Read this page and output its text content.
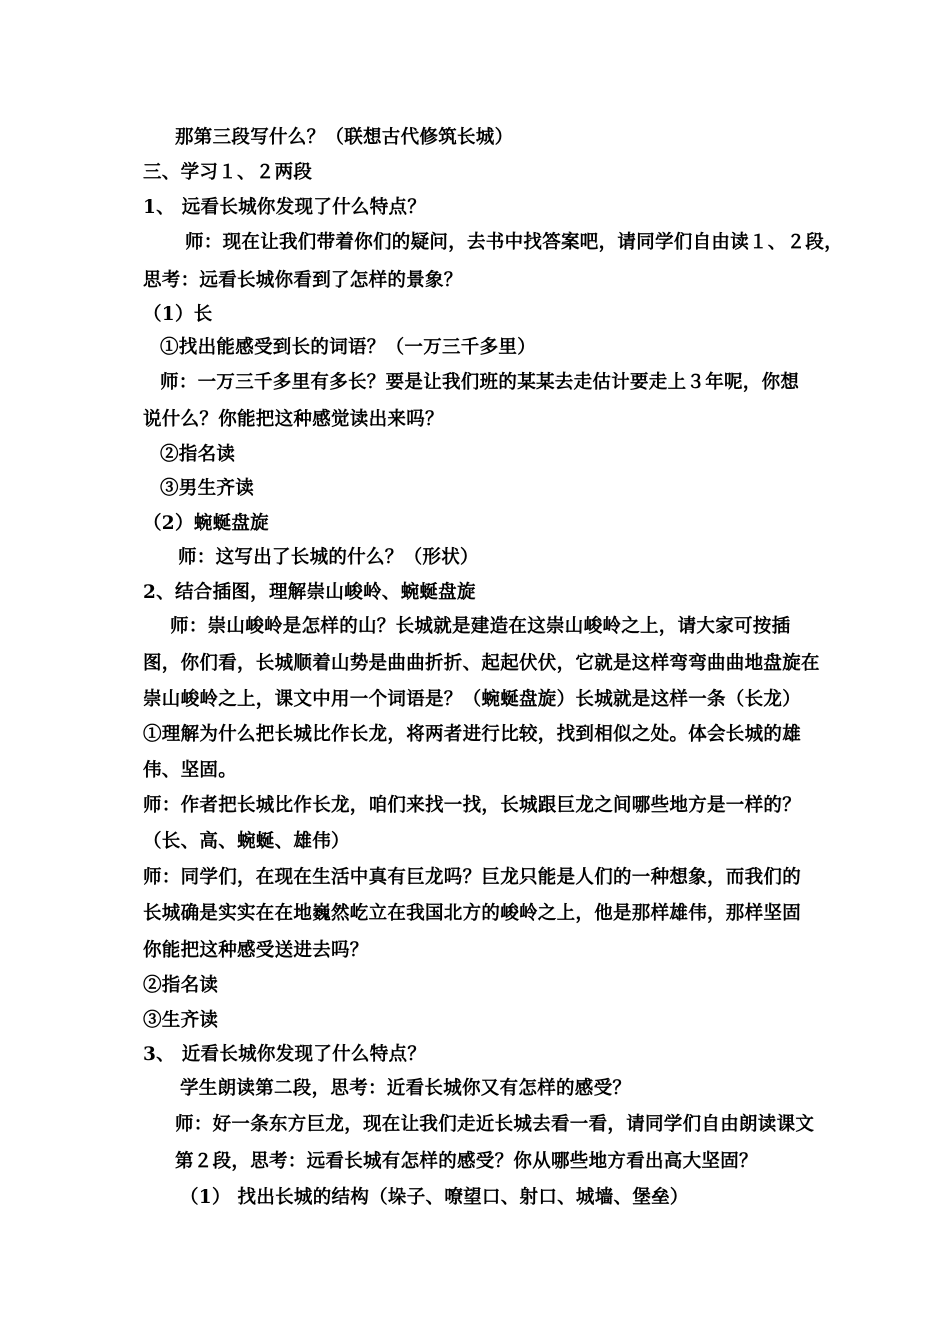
那第三段写什么？（联想古代修筑长城）
三、学习１、２两段
1、 远看长城你发现了什么特点？
师：现在让我们带着你们的疑问，去书中找答案吧，请同学们自由读１、２段，
思考：远看长城你看到了怎样的景象？
（1）长
①找出能感受到长的词语？（一万三千多里）
师：一万三千多里有多长？要是让我们班的某某去走估计要走上３年呢，你想
说什么？你能把这种感觉读出来吗？
②指名读
③男生齐读
（2）蜿蜒盘旋
师：这写出了长城的什么？（形状）
2、结合插图，理解崇山峻岭、蜿蜒盘旋
师：崇山峻岭是怎样的山？长城就是建造在这崇山峻岭之上，请大家可按插
图，你们看，长城顺着山势是曲曲折折、起起伏伏，它就是这样弯弯曲曲地盘旋在
崇山峻岭之上，课文中用一个词语是？（蜿蜒盘旋）长城就是这样一条（长龙）
①理解为什么把长城比作长龙，将两者进行比较，找到相似之处。体会长城的雄
伟、坚固。
师：作者把长城比作长龙，咱们来找一找，长城跟巨龙之间哪些地方是一样的？
（长、高、蜿蜒、雄伟）
师：同学们，在现在生活中真有巨龙吗？巨龙只能是人们的一种想象，而我们的
长城确是实实在在地巍然屹立在我国北方的峻岭之上，他是那样雄伟，那样坚固
你能把这种感受送进去吗？
②指名读
③生齐读
3、 近看长城你发现了什么特点？
学生朗读第二段，思考：近看长城你又有怎样的感受？
师：好一条东方巨龙，现在让我们走近长城去看一看，请同学们自由朗读课文
第２段，思考：远看长城有怎样的感受？你从哪些地方看出高大坚固？
（1） 找出长城的结构（垛子、嘹望口、射口、城墙、堡垒）
